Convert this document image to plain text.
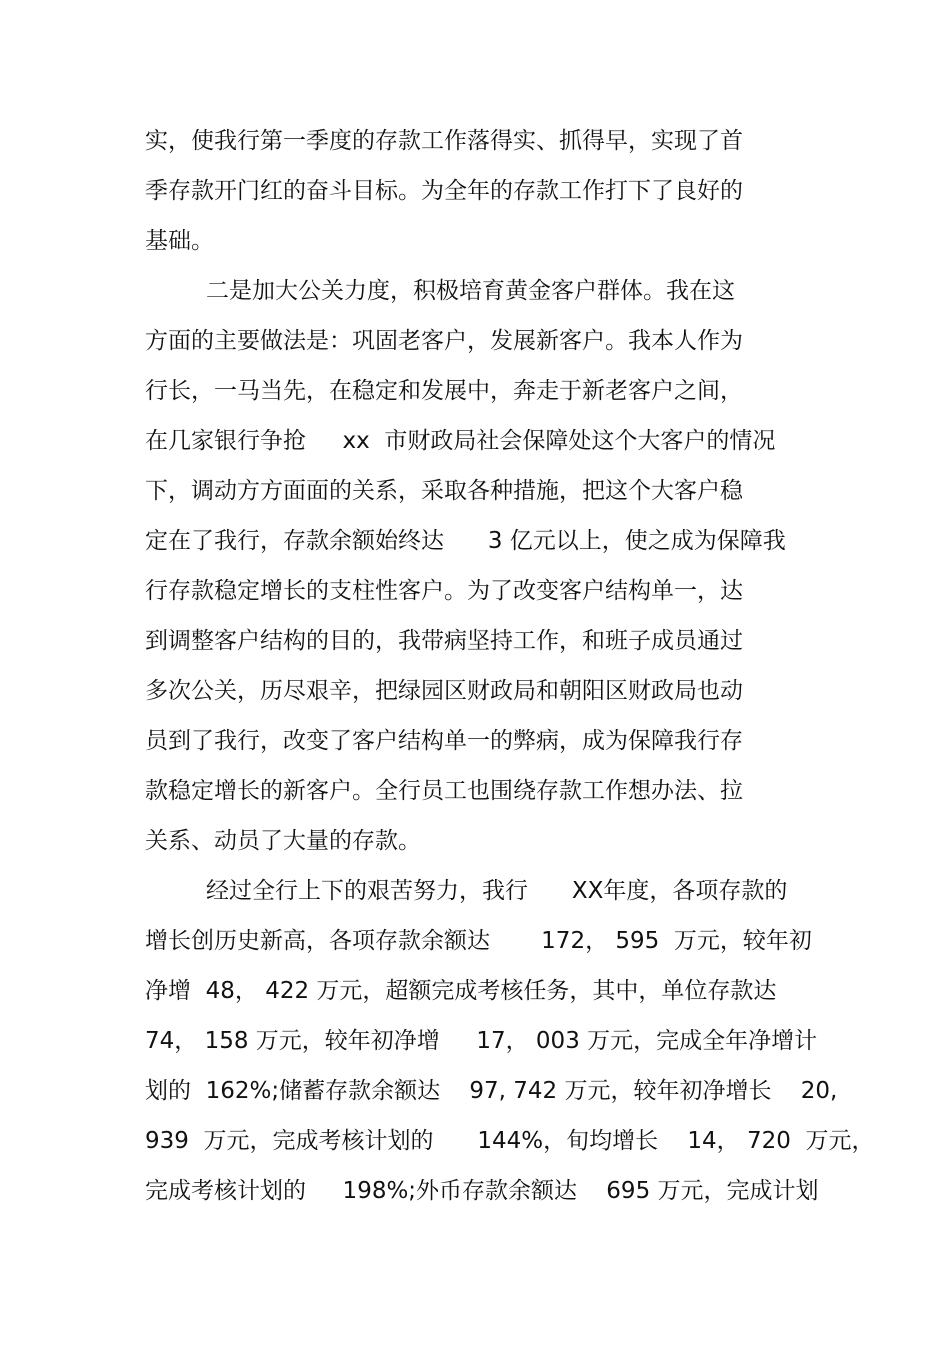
实，使我行第一季度的存款工作落得实、抓得早，实现了首
季存款开门红的奋斗目标。为全年的存款工作打下了良好的
基础。
二是加大公关力度，积极培育黄金客户群体。我在这
方面的主要做法是：巩固老客户，发展新客户。我本人作为
行长，一马当先，在稳定和发展中，奔走于新老客户之间，
在几家银行争抢     xx  市财政局社会保障处这个大客户的情况
下，调动方方面面的关系，采取各种措施，把这个大客户稳
定在了我行，存款余额始终达      3 亿元以上，使之成为保障我
行存款稳定增长的支柱性客户。为了改变客户结构单一，达
到调整客户结构的目的，我带病坚持工作，和班子成员通过
多次公关，历尽艰辛，把绿园区财政局和朝阳区财政局也动
员到了我行，改变了客户结构单一的弊病，成为保障我行存
款稳定增长的新客户。全行员工也围绕存款工作想办法、拉
关系、动员了大量的存款。
经过全行上下的艰苦努力，我行      XX年度，各项存款的
增长创历史新高，各项存款余额达       172， 595  万元，较年初
净增  48， 422 万元，超额完成考核任务，其中，单位存款达
74， 158 万元，较年初净增     17， 003 万元，完成全年净增计
划的  162%;储蓄存款余额达    97, 742 万元，较年初净增长    20,
939  万元，完成考核计划的      144%，旬均增长    14， 720  万元，
完成考核计划的     198%;外币存款余额达    695 万元，完成计划
